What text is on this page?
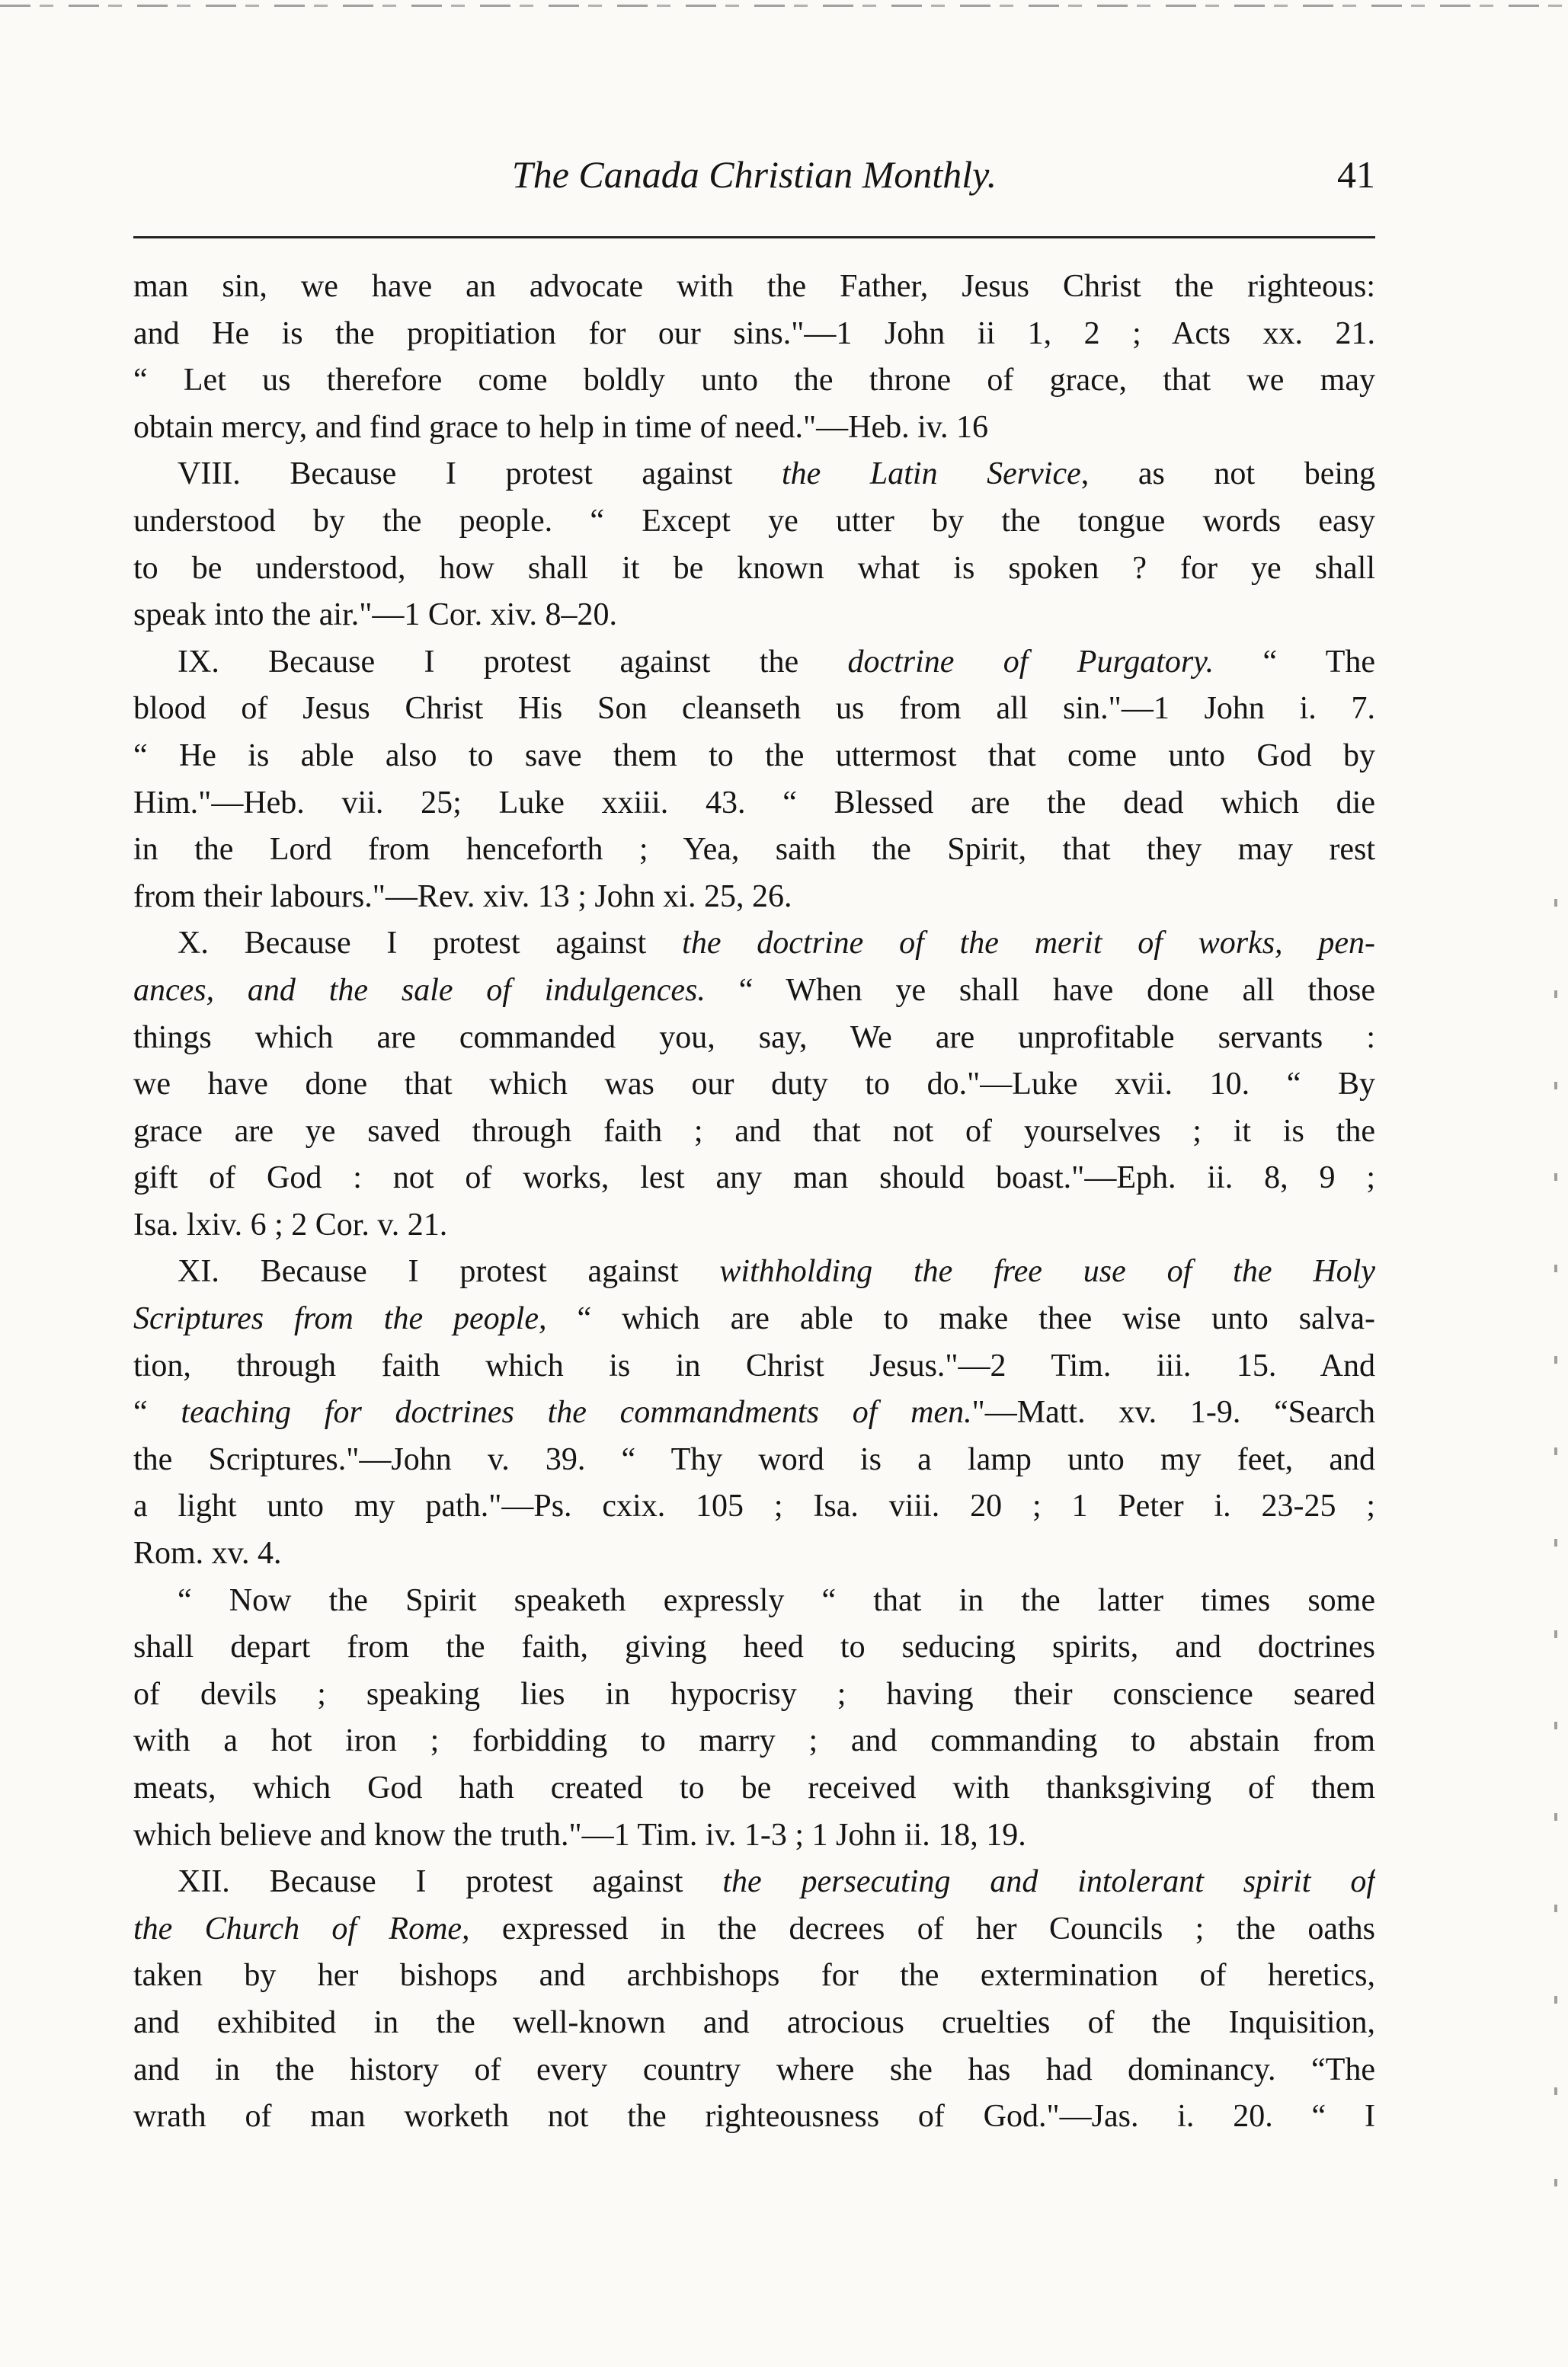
The Canada Christian Monthly.	41
man sin, we have an advocate with the Father, Jesus Christ the righteous:
and He is the propitiation for our sins."—1 John ii 1, 2 ; Acts xx. 21.
“ Let us therefore come boldly unto the throne of grace, that we may
obtain mercy, and find grace to help in time of need."—Heb. iv. 16
VIII. Because I protest against the Latin Service, as not being
understood by the people. “ Except ye utter by the tongue words easy
to be understood, how shall it be known what is spoken ? for ye shall
speak into the air."—1 Cor. xiv. 8–20.
IX. Because I protest against the doctrine of Purgatory. “ The
blood of Jesus Christ His Son cleanseth us from all sin."—1 John i. 7.
“ He is able also to save them to the uttermost that come unto God by
Him."—Heb. vii. 25; Luke xxiii. 43. “ Blessed are the dead which die
in the Lord from henceforth ; Yea, saith the Spirit, that they may rest
from their labours."—Rev. xiv. 13 ; John xi. 25, 26.
X. Because I protest against the doctrine of the merit of works, pen-
ances, and the sale of indulgences. “ When ye shall have done all those
things which are commanded you, say, We are unprofitable servants :
we have done that which was our duty to do."—Luke xvii. 10. “ By
grace are ye saved through faith ; and that not of yourselves ; it is the
gift of God : not of works, lest any man should boast."—Eph. ii. 8, 9 ;
Isa. lxiv. 6 ; 2 Cor. v. 21.
XI. Because I protest against withholding the free use of the Holy
Scriptures from the people, “ which are able to make thee wise unto salva-
tion, through faith which is in Christ Jesus."—2 Tim. iii. 15. And
“ teaching for doctrines the commandments of men."—Matt. xv. 1-9. “Search
the Scriptures."—John v. 39. “ Thy word is a lamp unto my feet, and
a light unto my path."—Ps. cxix. 105 ; Isa. viii. 20 ; 1 Peter i. 23-25 ;
Rom. xv. 4.
“ Now the Spirit speaketh expressly “ that in the latter times some
shall depart from the faith, giving heed to seducing spirits, and doctrines
of devils ; speaking lies in hypocrisy ; having their conscience seared
with a hot iron ; forbidding to marry ; and commanding to abstain from
meats, which God hath created to be received with thanksgiving of them
which believe and know the truth."—1 Tim. iv. 1-3 ; 1 John ii. 18, 19.
XII. Because I protest against the persecuting and intolerant spirit of
the Church of Rome, expressed in the decrees of her Councils ; the oaths
taken by her bishops and archbishops for the extermination of heretics,
and exhibited in the well-known and atrocious cruelties of the Inquisition,
and in the history of every country where she has had dominancy. “The
wrath of man worketh not the righteousness of God."—Jas. i. 20. “ I
